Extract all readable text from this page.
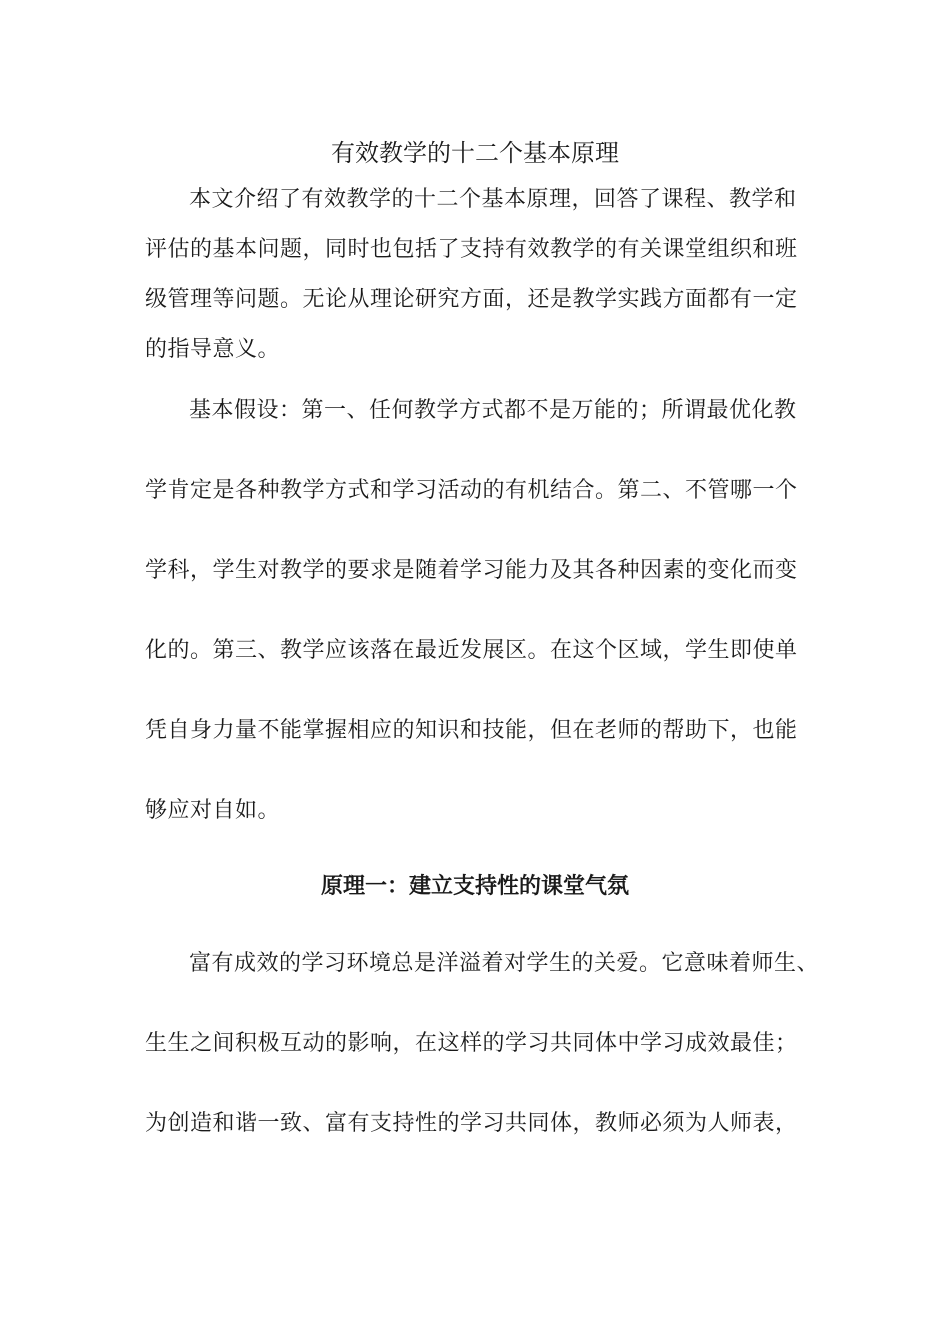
有效教学的十二个基本原理
本文介绍了有效教学的十二个基本原理，回答了课程、教学和
评估的基本问题，同时也包括了支持有效教学的有关课堂组织和班
级管理等问题。无论从理论研究方面，还是教学实践方面都有一定
的指导意义。
基本假设：第一、任何教学方式都不是万能的；所谓最优化教
学肯定是各种教学方式和学习活动的有机结合。第二、不管哪一个
学科，学生对教学的要求是随着学习能力及其各种因素的变化而变
化的。第三、教学应该落在最近发展区。在这个区域，学生即使单
凭自身力量不能掌握相应的知识和技能，但在老师的帮助下，也能
够应对自如。
原理一：建立支持性的课堂气氛
富有成效的学习环境总是洋溢着对学生的关爱。它意味着师生、
生生之间积极互动的影响，在这样的学习共同体中学习成效最佳；
为创造和谐一致、富有支持性的学习共同体，教师必须为人师表，
